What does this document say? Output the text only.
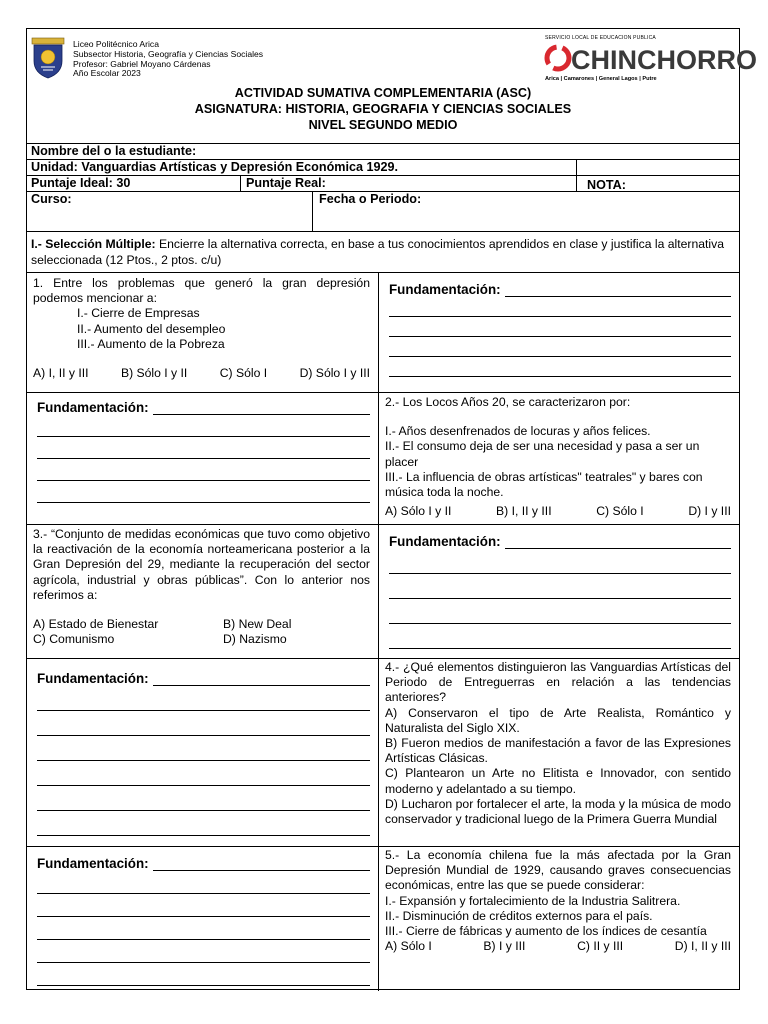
Liceo Politécnico Arica
Subsector Historia, Geografía y Ciencias Sociales
Profesor: Gabriel Moyano Cárdenas
Año Escolar 2023
SERVICIO LOCAL DE EDUCACION PUBLICA
CHINCHORRO
Arica | Camarones | General Lagos | Putre
ACTIVIDAD SUMATIVA COMPLEMENTARIA (ASC)
ASIGNATURA: HISTORIA, GEOGRAFIA Y CIENCIAS SOCIALES
NIVEL SEGUNDO MEDIO
Nombre del o la estudiante:
Unidad: Vanguardias Artísticas y Depresión Económica 1929.
Puntaje Ideal: 30	Puntaje Real:	NOTA:
Curso:	Fecha o Periodo:
I.- Selección Múltiple: Encierre la alternativa correcta, en base a tus conocimientos aprendidos en clase y justifica la alternativa seleccionada (12 Ptos., 2 ptos. c/u)
1. Entre los problemas que generó la gran depresión podemos mencionar a:
I.- Cierre de Empresas
II.- Aumento del desempleo
III.- Aumento de la Pobreza
A) I, II y III	B) Sólo I y II	C) Sólo I	D) Sólo I y III
Fundamentación:
Fundamentación:	2.- Los Locos Años 20, se caracterizaron por:
I.- Años desenfrenados de locuras y años felices.
II.- El consumo deja de ser una necesidad y pasa a ser un placer
III.- La influencia de obras artísticas" teatrales" y bares con música toda la noche.
A) Sólo I y II	B) I, II y III	C) Sólo I	D) I y III
3.- “Conjunto de medidas económicas que tuvo como objetivo la reactivación de la economía norteamericana posterior a la Gran Depresión del 29, mediante la recuperación del sector agrícola, industrial y obras públicas”. Con lo anterior nos referimos a:
A) Estado de Bienestar	B) New Deal
C) Comunismo	D) Nazismo
Fundamentación:
Fundamentación:
4.- ¿Qué elementos distinguieron las Vanguardias Artísticas del Periodo de Entreguerras en relación a las tendencias anteriores?
A) Conservaron el tipo de Arte Realista, Romántico y Naturalista del Siglo XIX.
B) Fueron medios de manifestación a favor de las Expresiones Artísticas Clásicas.
C) Plantearon un Arte no Elitista e Innovador, con sentido moderno y adelantado a su tiempo.
D) Lucharon por fortalecer el arte, la moda y la música de modo conservador y tradicional luego de la Primera Guerra Mundial
Fundamentación:
5.- La economía chilena fue la más afectada por la Gran Depresión Mundial de 1929, causando graves consecuencias económicas, entre las que se puede considerar:
I.- Expansión y fortalecimiento de la Industria Salitrera.
II.- Disminución de créditos externos para el país.
III.- Cierre de fábricas y aumento de los índices de cesantía
A) Sólo I	B) I y III	C) II y III	D) I, II y III
